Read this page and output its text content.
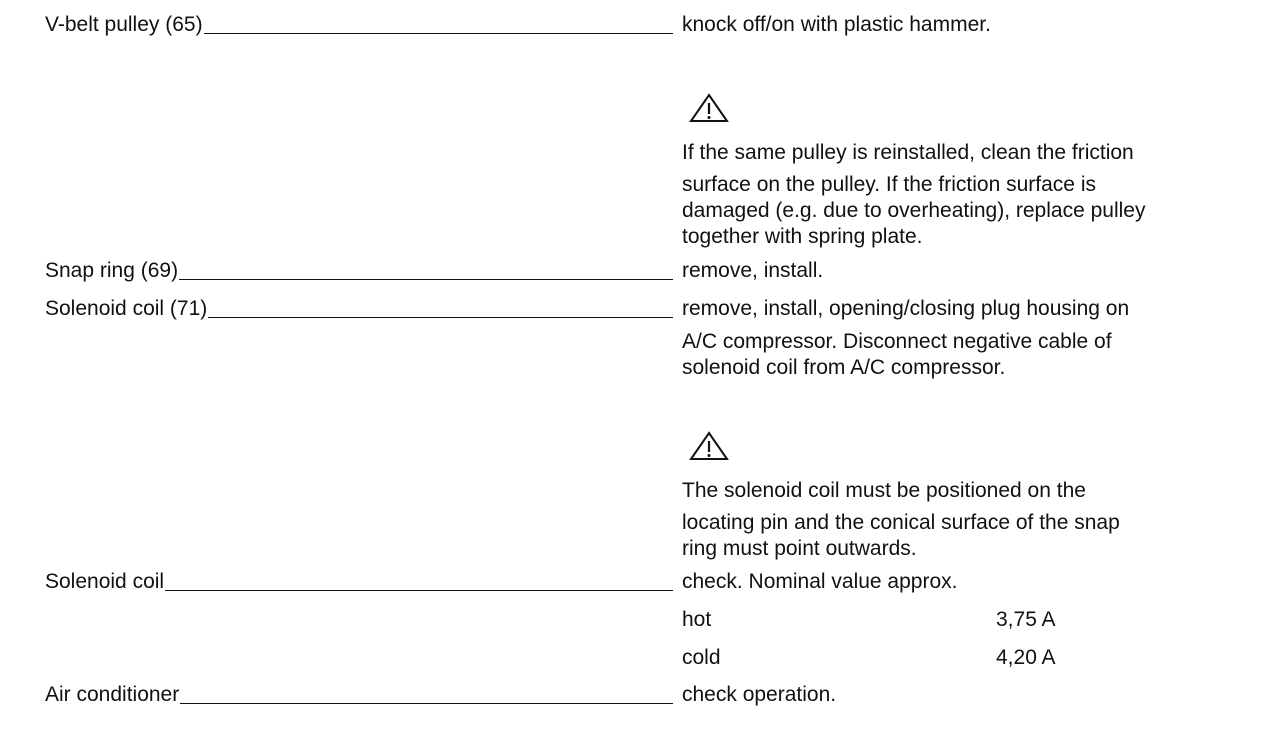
V-belt pulley (65)	knock off/on with plastic hammer.
If the same pulley is reinstalled, clean the friction
surface on the pulley. If the friction surface is
damaged (e.g. due to overheating), replace pulley
together with spring plate.
Snap ring (69)	remove, install.
Solenoid coil (71)	remove, install, opening/closing plug housing on
A/C compressor. Disconnect negative cable of
solenoid coil from A/C compressor.
The solenoid coil must be positioned on the
locating pin and the conical surface of the snap
ring must point outwards.
Solenoid coil	check. Nominal value approx.
hot	3,75 A
cold	4,20 A
Air conditioner	check operation.
